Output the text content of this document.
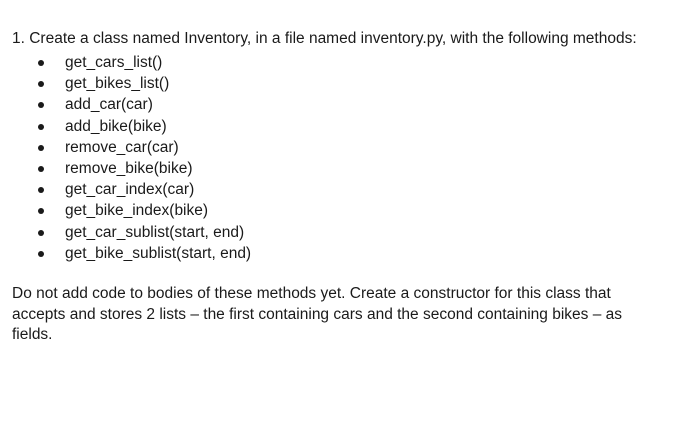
1. Create a class named Inventory, in a file named inventory.py, with the following methods:

get_cars_list()
get_bikes_list()
add_car(car)
add_bike(bike)
remove_car(car)
remove_bike(bike)
get_car_index(car)
get_bike_index(bike)
get_car_sublist(start, end)
get_bike_sublist(start, end)

Do not add code to bodies of these methods yet. Create a constructor for this class that accepts and stores 2 lists – the first containing cars and the second containing bikes – as fields.
